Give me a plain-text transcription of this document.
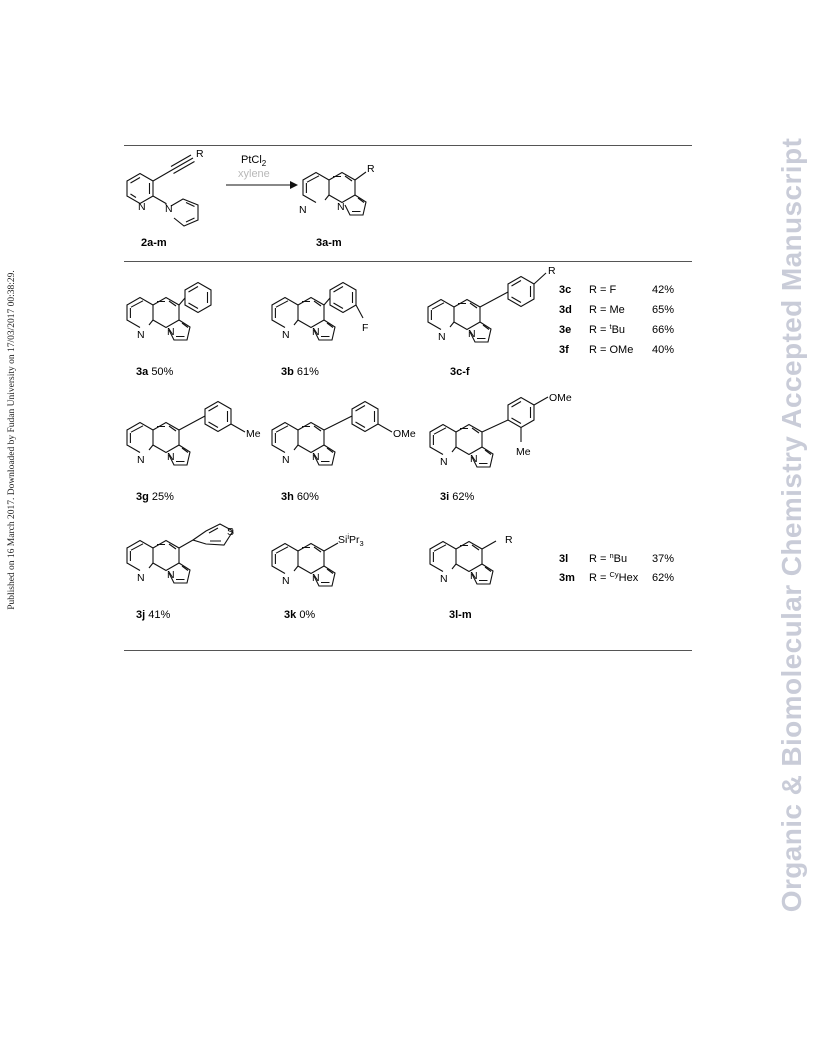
Published on 16 March 2017. Downloaded by Fudan University on 17/03/2017 00:38:29.	Organic & Biomolecular Chemistry Accepted Manuscript
N N
R	PtCl$_2$
xylene	R
N	N
2a-m	3a-m
N N
3a 50%
N N	F
3b 61%
R
N N
3c-f
3c R = F	42%
3d R = Me 65%
3e R = $^t$Bu 66%
3f R = OMe 40%
Me
N N
3g 25%
OMe
N N
3h 60%
OMe
Me
N N
3i 62%
S
N N
3j 41%
$Si^iPr_3$
N N
3k 0%
R
N N
3l-m
3l R = $^n$Bu 37%
3m R = $^{Cy}$Hex 62%
